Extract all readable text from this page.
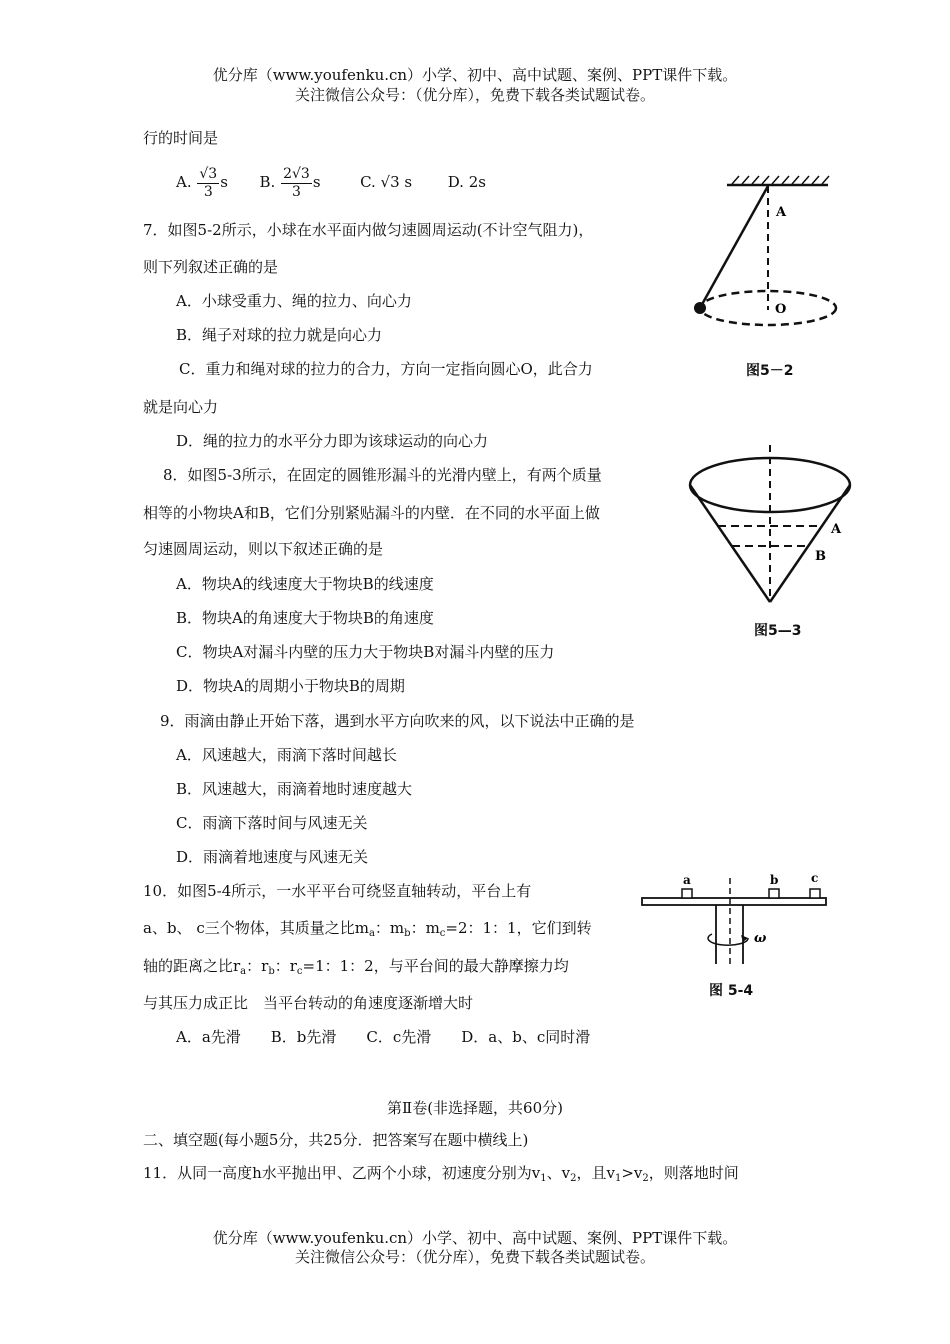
优分库（www.youfenku.cn）小学、初中、高中试题、案例、PPT课件下载。
关注微信公众号：（优分库），免费下载各类试题试卷。
行的时间是
A. $\frac{√3}{3}$ s B. $\frac{2√3}{3}$ s	C. √3 s D. 2s
7．如图5-2所示，小球在水平面内做匀速圆周运动(不计空气阻力)，
则下列叙述正确的是
A．小球受重力、绳的拉力、向心力
B．绳子对球的拉力就是向心力
C．重力和绳对球的拉力的合力，方向一定指向圆心O，此合力
就是向心力
D．绳的拉力的水平分力即为该球运动的向心力
A
O
图5－2
8．如图5-3所示，在固定的圆锥形漏斗的光滑内壁上，有两个质量
相等的小物块A和B，它们分别紧贴漏斗的内壁．在不同的水平面上做
匀速圆周运动，则以下叙述正确的是
A．物块A的线速度大于物块B的线速度
B．物块A的角速度大于物块B的角速度
C．物块A对漏斗内壁的压力大于物块B对漏斗内壁的压力
D．物块A的周期小于物块B的周期
A
B
图5—3
9．雨滴由静止开始下落，遇到水平方向吹来的风，以下说法中正确的是
A．风速越大，雨滴下落时间越长
B．风速越大，雨滴着地时速度越大
C．雨滴下落时间与风速无关
D．雨滴着地速度与风速无关
10．如图5-4所示，一水平平台可绕竖直轴转动，平台上有
a、b、 c三个物体，其质量之比$m_a$：$m_b$：$m_c=2$：1：1，它们到转
轴的距离之比$r_a$：$r_b$：$r_c=1$：1：2，与平台间的最大静摩擦力均
与其压力成正比　当平台转动的角速度逐渐增大时
A．a先滑　　B．b先滑　　C．c先滑　　D．a、b、c同时滑
a	b	c
ω
图 5-4
第Ⅱ卷(非选择题，共60分)
二、填空题(每小题5分，共25分．把答案写在题中横线上)
11．从同一高度h水平抛出甲、乙两个小球，初速度分别为$v_1$、$v_2$，且$v_1>v_2$，则落地时间
优分库（www.youfenku.cn）小学、初中、高中试题、案例、PPT课件下载。
关注微信公众号：（优分库），免费下载各类试题试卷。
